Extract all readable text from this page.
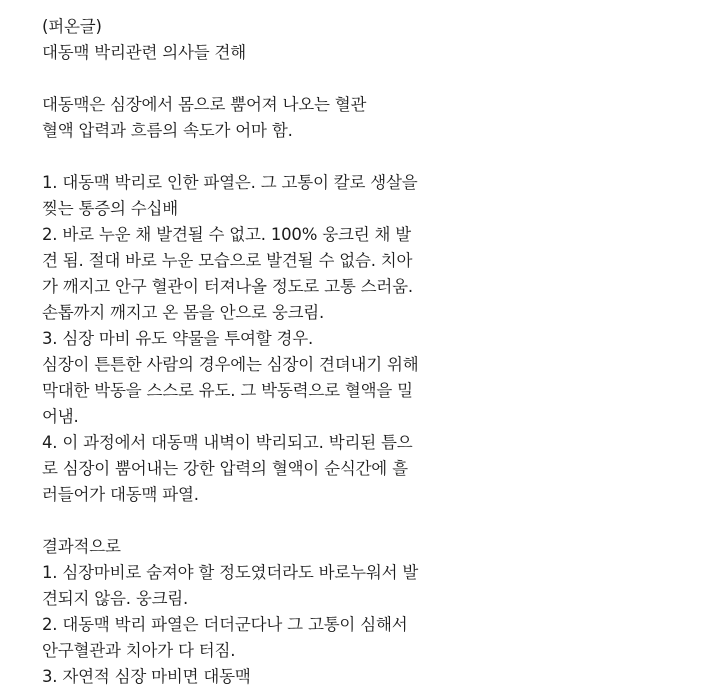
(퍼온글)
대동맥 박리관련 의사들 견해
대동맥은 심장에서 몸으로 뿜어져 나오는 혈관
혈액 압력과 흐름의 속도가 어마 함.
1. 대동맥 박리로 인한 파열은. 그 고통이 칼로 생살을
찢는 통증의 수십배
2. 바로 누운 채 발견될 수 없고. 100% 웅크린 채 발
견 됨. 절대 바로 누운 모습으로 발견될 수 없슴. 치아
가 깨지고 안구 혈관이 터져나올 정도로 고통 스러움.
손톱까지 깨지고 온 몸을 안으로 웅크림.
3. 심장 마비 유도 약물을 투여할 경우.
심장이 튼튼한 사람의 경우에는 심장이 견뎌내기 위해
막대한 박동을 스스로 유도. 그 박동력으로 혈액을 밀
어냄.
4. 이 과정에서 대동맥 내벽이 박리되고. 박리된 틈으
로 심장이 뿜어내는 강한 압력의 혈액이 순식간에 흘
러들어가 대동맥 파열.
결과적으로
1. 심장마비로 숨져야 할 정도였더라도 바로누워서 발
견되지 않음. 웅크림.
2. 대동맥 박리 파열은 더더군다나 그 고통이 심해서
안구혈관과 치아가 다 터짐.
3. 자연적 심장 마비면 대동맥
